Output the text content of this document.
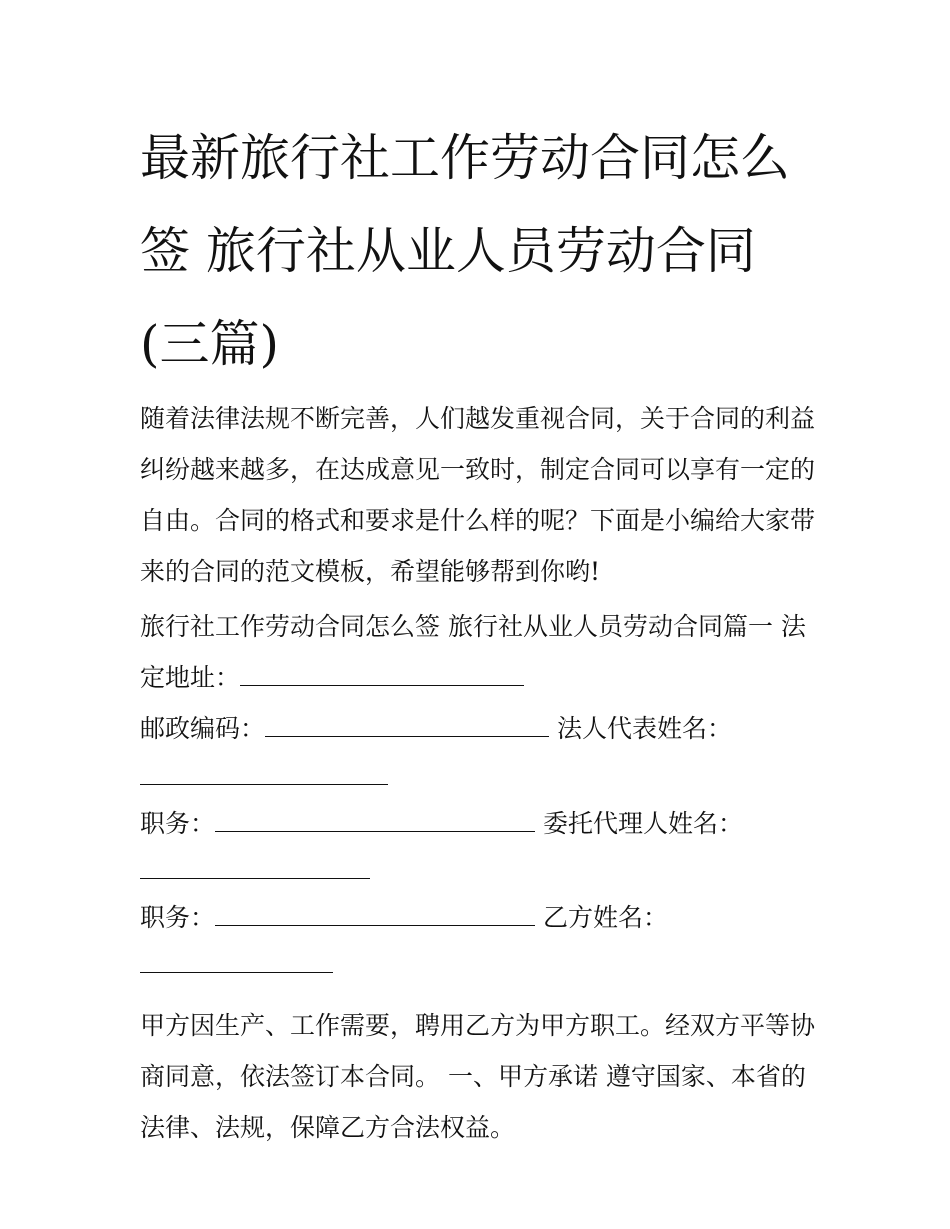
最新旅行社工作劳动合同怎么
签 旅行社从业人员劳动合同
(三篇)

随着法律法规不断完善，人们越发重视合同，关于合同的利益

纠纷越来越多，在达成意见一致时，制定合同可以享有一定的

自由。合同的格式和要求是什么样的呢？下面是小编给大家带

来的合同的范文模板，希望能够帮到你哟!

旅行社工作劳动合同怎么签 旅行社从业人员劳动合同篇一 法

定地址：

邮政编码：	法人代表姓名：

职务：	委托代理人姓名：

职务：	乙方姓名：

甲方因生产、工作需要，聘用乙方为甲方职工。经双方平等协

商同意，依法签订本合同。 一、甲方承诺 遵守国家、本省的

法律、法规，保障乙方合法权益。
